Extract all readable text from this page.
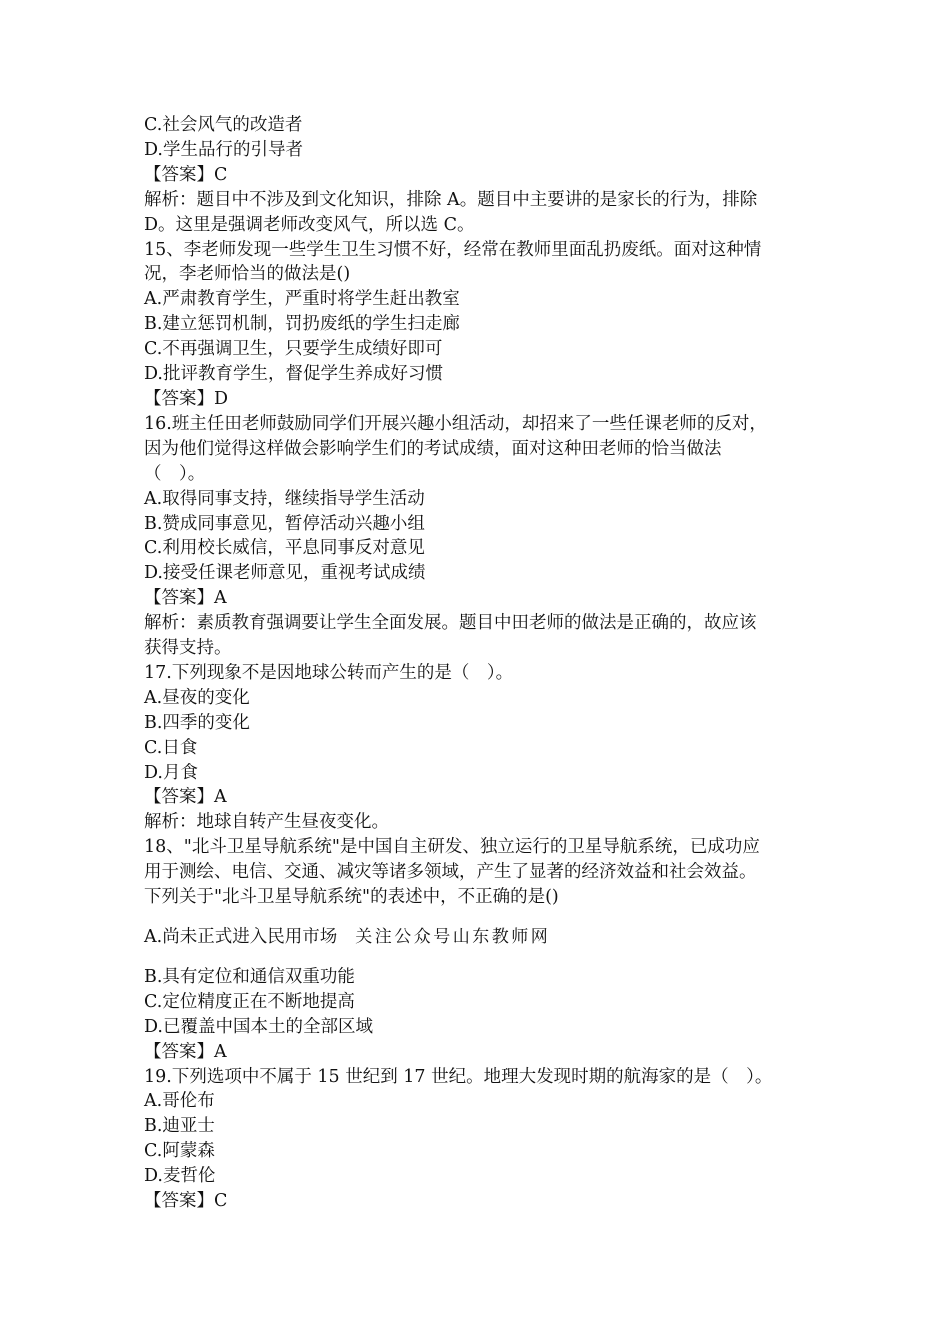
C.社会风气的改造者
D.学生品行的引导者
【答案】C
解析：题目中不涉及到文化知识，排除 A。题目中主要讲的是家长的行为，排除
D。这里是强调老师改变风气，所以选 C。
15、李老师发现一些学生卫生习惯不好，经常在教师里面乱扔废纸。面对这种情
况，李老师恰当的做法是()
A.严肃教育学生，严重时将学生赶出教室
B.建立惩罚机制，罚扔废纸的学生扫走廊
C.不再强调卫生，只要学生成绩好即可
D.批评教育学生，督促学生养成好习惯
【答案】D
16.班主任田老师鼓励同学们开展兴趣小组活动，却招来了一些任课老师的反对，
因为他们觉得这样做会影响学生们的考试成绩，面对这种田老师的恰当做法
（　）。
A.取得同事支持，继续指导学生活动
B.赞成同事意见，暂停活动兴趣小组
C.利用校长威信，平息同事反对意见
D.接受任课老师意见，重视考试成绩
【答案】A
解析：素质教育强调要让学生全面发展。题目中田老师的做法是正确的，故应该
获得支持。
17.下列现象不是因地球公转而产生的是（　）。
A.昼夜的变化
B.四季的变化
C.日食
D.月食
【答案】A
解析：地球自转产生昼夜变化。
18、"北斗卫星导航系统"是中国自主研发、独立运行的卫星导航系统，已成功应
用于测绘、电信、交通、减灾等诸多领域，产生了显著的经济效益和社会效益。
下列关于"北斗卫星导航系统"的表述中，不正确的是()
A.尚未正式进入民用市场 关注公众号山东教师网
B.具有定位和通信双重功能
C.定位精度正在不断地提高
D.已覆盖中国本土的全部区域
【答案】A
19.下列选项中不属于 15 世纪到 17 世纪。地理大发现时期的航海家的是（　）。
A.哥伦布
B.迪亚士
C.阿蒙森
D.麦哲伦
【答案】C
